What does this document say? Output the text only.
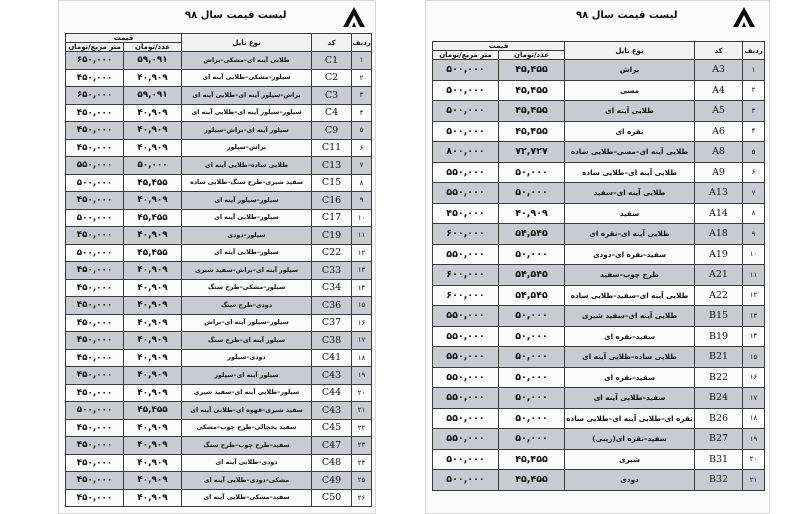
لیست قیمت سال ۹۸
ردیف	کد	نوع تایل	قیمت	
			عدد/تومان	متر مربع/تومان
۱	C1	طلایی آینه ای–مشکی–براش	۵۹,۰۹۱	۶۵۰,۰۰۰
۲	C2	سیلور–مشکی–طلایی آینه ای	۴۰,۹۰۹	۴۵۰,۰۰۰
۳	C3	براش–سیلور آینه ای–طلایی آینه ای	۵۹,۰۹۱	۶۵۰,۰۰۰
۴	C4	سیلور–سیلور آینه ای–طلایی آینه ای	۴۰,۹۰۹	۴۵۰,۰۰۰
۵	C9	سیلور آینه ای–براش–سیلور	۴۰,۹۰۹	۴۵۰,۰۰۰
۶	C11	براش–سیلور	۴۰,۹۰۹	۴۵۰,۰۰۰
۷	C13	طلایی ساده–طلایی آینه ای	۵۰,۰۰۰	۵۵۰,۰۰۰
۸	C15	سفید شیری–طرح سنگ–طلایی ساده	۴۵,۴۵۵	۵۰۰,۰۰۰
۹	C16	سیلور–سیلور آینه ای	۴۰,۹۰۹	۴۵۰,۰۰۰
۱۰	C17	سیلور–طلایی آینه ای	۴۵,۴۵۵	۵۰۰,۰۰۰
۱۱	C19	سیلور–دودی	۴۰,۹۰۹	۴۵۰,۰۰۰
۱۲	C22	سیلور–طلایی آینه ای	۴۵,۴۵۵	۵۰۰,۰۰۰
۱۳	C33	سیلور آینه ای–براش–سفید شیری	۴۰,۹۰۹	۴۵۰,۰۰۰
۱۴	C34	سیلور–مشکی–طرح سنگ	۴۰,۹۰۹	۴۵۰,۰۰۰
۱۵	C36	دودی–طرح سنگ	۴۰,۹۰۹	۴۵۰,۰۰۰
۱۶	C37	سیلور–سیلور آینه ای–براش	۴۰,۹۰۹	۴۵۰,۰۰۰
۱۷	C38	سیلور آینه ای–طرح سنگ	۴۰,۹۰۹	۴۵۰,۰۰۰
۱۸	C41	دودی–سیلور	۴۰,۹۰۹	۴۵۰,۰۰۰
۱۹	C43	سیلور آینه ای–سیلور	۴۰,۹۰۹	۴۵۰,۰۰۰
۲۰	C44	سیلور–طلایی آینه ای–سفید شیری	۴۰,۹۰۹	۴۵۰,۰۰۰
۲۱	C43	سفید شیری–قهوه ای–طلایی آینه ای	۴۵,۴۵۵	۵۰۰,۰۰۰
۲۲	C45	سفید یخچالی–طرح چوب–مشکی	۴۰,۹۰۹	۴۵۰,۰۰۰
۲۳	C47	سفید–طرح چوب–طرح سنگ	۴۰,۹۰۹	۴۵۰,۰۰۰
۲۴	C48	دودی–طلایی آینه ای	۴۰,۹۰۹	۴۵۰,۰۰۰
۲۵	C49	مشکی–دودی–طلایی آینه ای	۴۰,۹۰۹	۴۵۰,۰۰۰
۲۶	C50	سفید–مشکی–طلایی آینه ای	۴۰,۹۰۹	۴۵۰,۰۰۰
لیست قیمت سال ۹۸
ردیف	کد	نوع تایل	قیمت	
			عدد/تومان	متر مربع/تومان
۱	A3	براش	۴۵,۴۵۵	۵۰۰,۰۰۰
۲	A4	مسی	۴۵,۴۵۵	۵۰۰,۰۰۰
۳	A5	طلایی آینه ای	۴۵,۴۵۵	۵۰۰,۰۰۰
۴	A6	نقره ای	۴۵,۴۵۵	۵۰۰,۰۰۰
۵	A8	طلایی آینه ای–مسی–طلایی ساده	۷۲,۷۲۷	۸۰۰,۰۰۰
۶	A9	طلایی آینه ای–طلایی ساده	۵۰,۰۰۰	۵۵۰,۰۰۰
۷	A13	طلایی آینه ای–سفید	۵۰,۰۰۰	۵۵۰,۰۰۰
۸	A14	سفید	۴۰,۹۰۹	۴۵۰,۰۰۰
۹	A18	طلایی آینه ای–نقره ای	۵۴,۵۴۵	۶۰۰,۰۰۰
۱۰	A19	سفید–نقره ای–دودی	۵۰,۰۰۰	۵۵۰,۰۰۰
۱۱	A21	طرح چوب–سفید	۵۴,۵۴۵	۶۰۰,۰۰۰
۱۲	A22	طلایی آینه ای–سفید–طلایی ساده	۵۴,۵۴۵	۶۰۰,۰۰۰
۱۳	B15	طلایی آینه ای–سفید شیری	۵۰,۰۰۰	۵۵۰,۰۰۰
۱۴	B19	سفید–نقره ای	۵۰,۰۰۰	۵۵۰,۰۰۰
۱۵	B21	طلایی ساده–طلایی آینه ای	۵۰,۰۰۰	۵۵۰,۰۰۰
۱۶	B22	سفید–نقره ای	۵۰,۰۰۰	۵۵۰,۰۰۰
۱۷	B24	سفید–طلایی آینه ای	۵۰,۰۰۰	۵۵۰,۰۰۰
۱۸	B26	نقره ای–طلایی آینه ای–طلایی ساده	۵۰,۰۰۰	۵۵۰,۰۰۰
۱۹	B27	سفید–نقره ای(زیبی)	۵۰,۰۰۰	۵۵۰,۰۰۰
۲۰	B31	شیری	۴۵,۴۵۵	۵۰۰,۰۰۰
۲۱	B32	دودی	۴۵,۴۵۵	۵۰۰,۰۰۰
